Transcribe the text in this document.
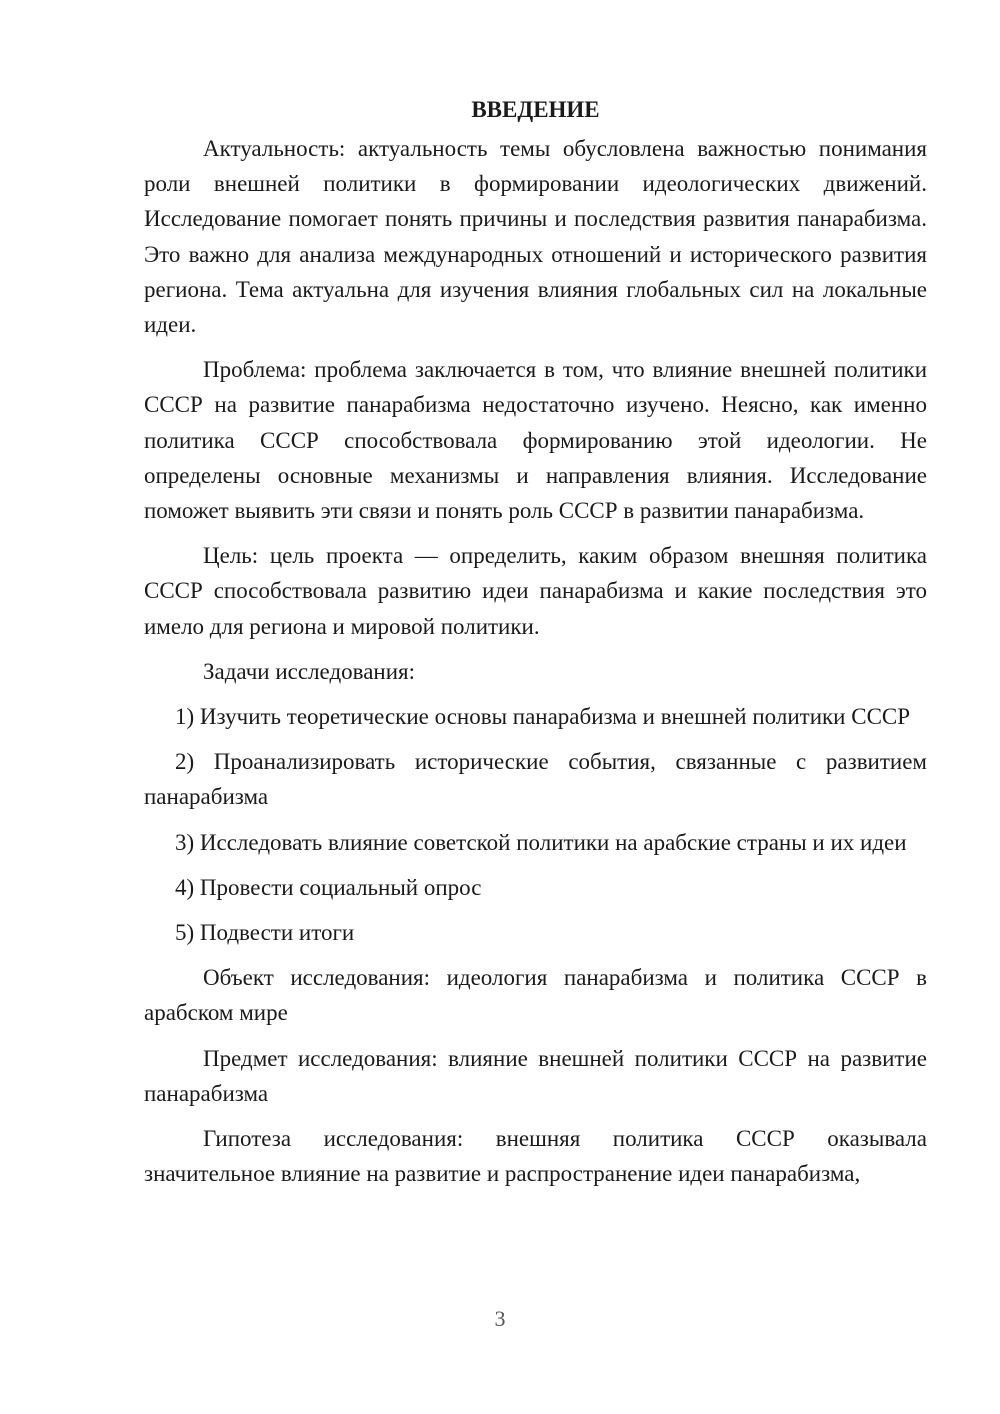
ВВЕДЕНИЕ

Актуальность: актуальность темы обусловлена важностью понимания роли внешней политики в формировании идеологических движений. Исследование помогает понять причины и последствия развития панарабизма. Это важно для анализа международных отношений и исторического развития региона. Тема актуальна для изучения влияния глобальных сил на локальные идеи.

Проблема: проблема заключается в том, что влияние внешней политики СССР на развитие панарабизма недостаточно изучено. Неясно, как именно политика СССР способствовала формированию этой идеологии. Не определены основные механизмы и направления влияния. Исследование поможет выявить эти связи и понять роль СССР в развитии панарабизма.

Цель: цель проекта — определить, каким образом внешняя политика СССР способствовала развитию идеи панарабизма и какие последствия это имело для региона и мировой политики.

Задачи исследования:

1) Изучить теоретические основы панарабизма и внешней политики СССР

2) Проанализировать исторические события, связанные с развитием панарабизма

3) Исследовать влияние советской политики на арабские страны и их идеи

4) Провести социальный опрос

5) Подвести итоги

Объект исследования: идеология панарабизма и политика СССР в арабском мире

Предмет исследования: влияние внешней политики СССР на развитие панарабизма

Гипотеза исследования: внешняя политика СССР оказывала значительное влияние на развитие и распространение идеи панарабизма,

3
